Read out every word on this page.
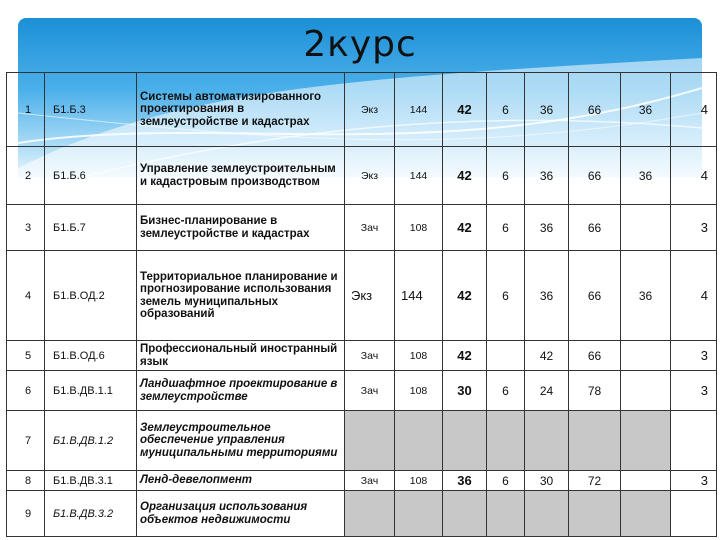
2курс
1	Б1.Б.3	Системы автоматизированного проектирования в землеустройстве и кадастрах	Экз	144	42	6	36	66	36	4
2	Б1.Б.6	Управление землеустроительным и кадастровым производством	Экз	144	42	6	36	66	36	4
3	Б1.Б.7	Бизнес-планирование в землеустройстве и кадастрах	Зач	108	42	6	36	66		3
4	Б1.В.ОД.2	Территориальное планирование и прогнозирование использования земель муниципальных образований	Экз	144	42	6	36	66	36	4
5	Б1.В.ОД.6	Профессиональный иностранный язык	Зач	108	42		42	66		3
6	Б1.В.ДВ.1.1	Ландшафтное проектирование в землеустройстве	Зач	108	30	6	24	78		3
7	Б1.В.ДВ.1.2	Землеустроительное обеспечение управления муниципальными территориями								
8	Б1.В.ДВ.3.1	Ленд-девелопмент	Зач	108	36	6	30	72		3
9	Б1.В.ДВ.3.2	Организация использования объектов недвижимости								
